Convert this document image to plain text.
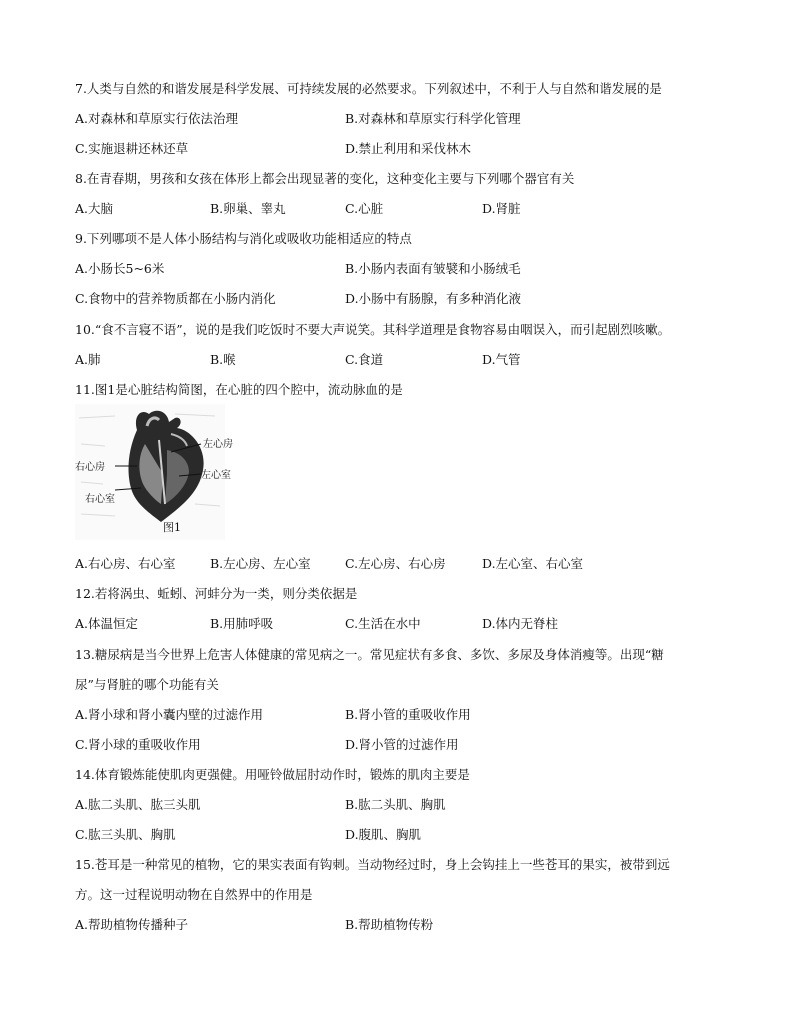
7.人类与自然的和谐发展是科学发展、可持续发展的必然要求。下列叙述中，不利于人与自然和谐发展的是
A.对森林和草原实行依法治理	B.对森林和草原实行科学化管理
C.实施退耕还林还草	D.禁止利用和采伐林木
8.在青春期，男孩和女孩在体形上都会出现显著的变化，这种变化主要与下列哪个器官有关
A.大脑	B.卵巢、睾丸	C.心脏	D.肾脏
9.下列哪项不是人体小肠结构与消化或吸收功能相适应的特点
A.小肠长5~6米	B.小肠内表面有皱襞和小肠绒毛
C.食物中的营养物质都在小肠内消化	D.小肠中有肠腺，有多种消化液
10.“食不言寝不语”，说的是我们吃饭时不要大声说笑。其科学道理是食物容易由咽误入，而引起剧烈咳嗽。
A.肺	B.喉	C.食道	D.气管
11.图1是心脏结构简图，在心脏的四个腔中，流动脉血的是
左心房
左心室
右心房
右心室
图1
A.右心房、右心室	B.左心房、左心室	C.左心房、右心房	D.左心室、右心室
12.若将涡虫、蚯蚓、河蚌分为一类，则分类依据是
A.体温恒定	B.用肺呼吸	C.生活在水中	D.体内无脊柱
13.糖尿病是当今世界上危害人体健康的常见病之一。常见症状有多食、多饮、多尿及身体消瘦等。出现“糖
尿”与肾脏的哪个功能有关
A.肾小球和肾小囊内壁的过滤作用	B.肾小管的重吸收作用
C.肾小球的重吸收作用	D.肾小管的过滤作用
14.体育锻炼能使肌肉更强健。用哑铃做屈肘动作时，锻炼的肌肉主要是
A.肱二头肌、肱三头肌	B.肱二头肌、胸肌
C.肱三头肌、胸肌	D.腹肌、胸肌
15.苍耳是一种常见的植物，它的果实表面有钩刺。当动物经过时，身上会钩挂上一些苍耳的果实，被带到远
方。这一过程说明动物在自然界中的作用是
A.帮助植物传播种子	B.帮助植物传粉
